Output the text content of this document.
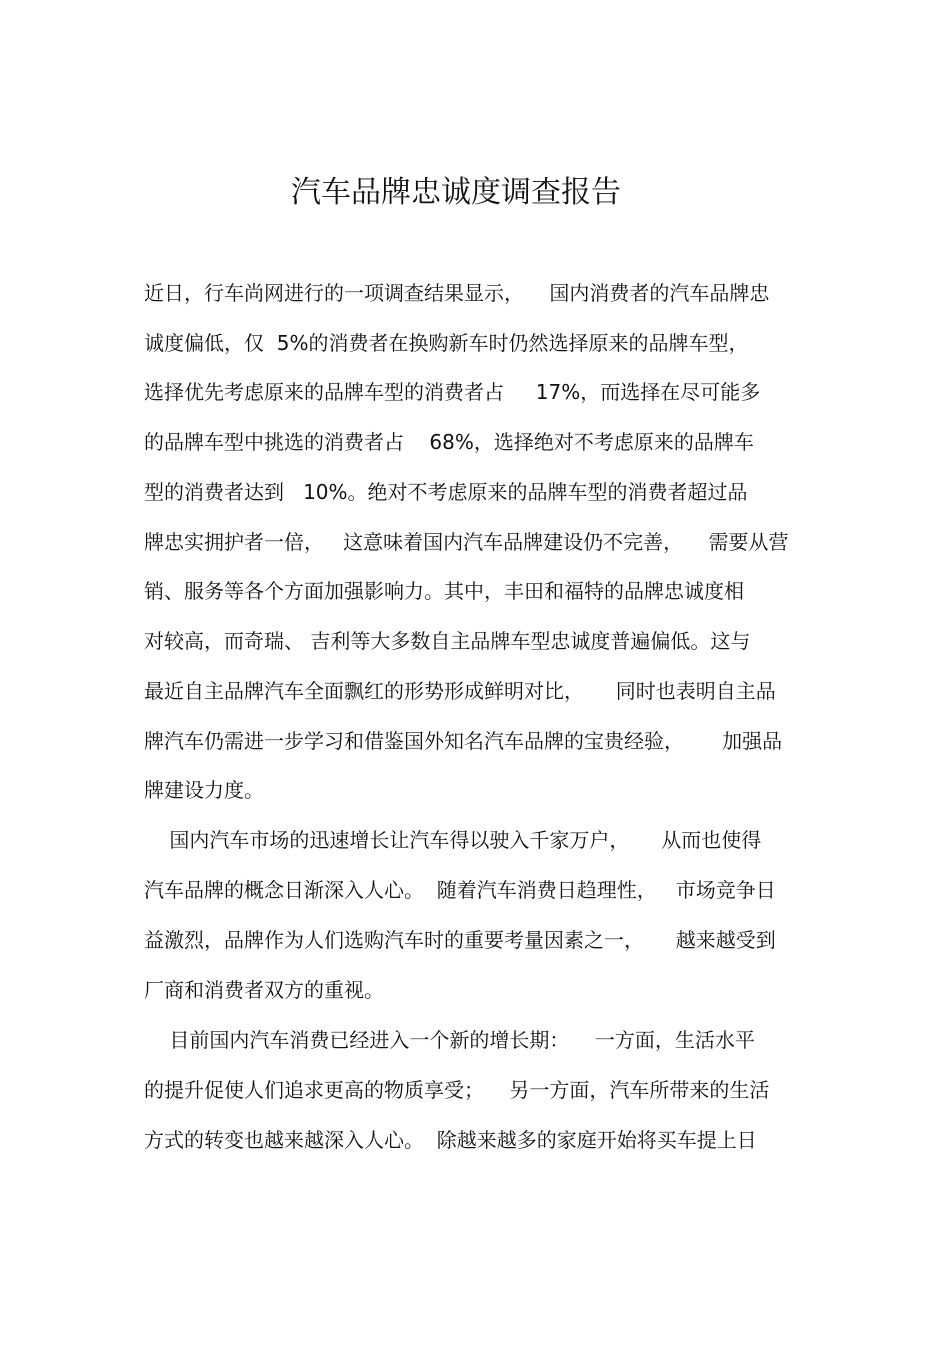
汽车品牌忠诚度调查报告

近日，行车尚网进行的一项调查结果显示，    国内消费者的汽车品牌忠

诚度偏低，仅  5%的消费者在换购新车时仍然选择原来的品牌车型，

选择优先考虑原来的品牌车型的消费者占     17%，而选择在尽可能多

的品牌车型中挑选的消费者占    68%，选择绝对不考虑原来的品牌车

型的消费者达到   10%。绝对不考虑原来的品牌车型的消费者超过品

牌忠实拥护者一倍，   这意味着国内汽车品牌建设仍不完善，    需要从营

销、服务等各个方面加强影响力。其中，丰田和福特的品牌忠诚度相

对较高，而奇瑞、 吉利等大多数自主品牌车型忠诚度普遍偏低。这与

最近自主品牌汽车全面飘红的形势形成鲜明对比，     同时也表明自主品

牌汽车仍需进一步学习和借鉴国外知名汽车品牌的宝贵经验，      加强品

牌建设力度。

国内汽车市场的迅速增长让汽车得以驶入千家万户，     从而也使得

汽车品牌的概念日渐深入人心。  随着汽车消费日趋理性，   市场竞争日

益激烈，品牌作为人们选购汽车时的重要考量因素之一，     越来越受到

厂商和消费者双方的重视。

目前国内汽车消费已经进入一个新的增长期：    一方面，生活水平

的提升促使人们追求更高的物质享受；    另一方面，汽车所带来的生活

方式的转变也越来越深入人心。  除越来越多的家庭开始将买车提上日
